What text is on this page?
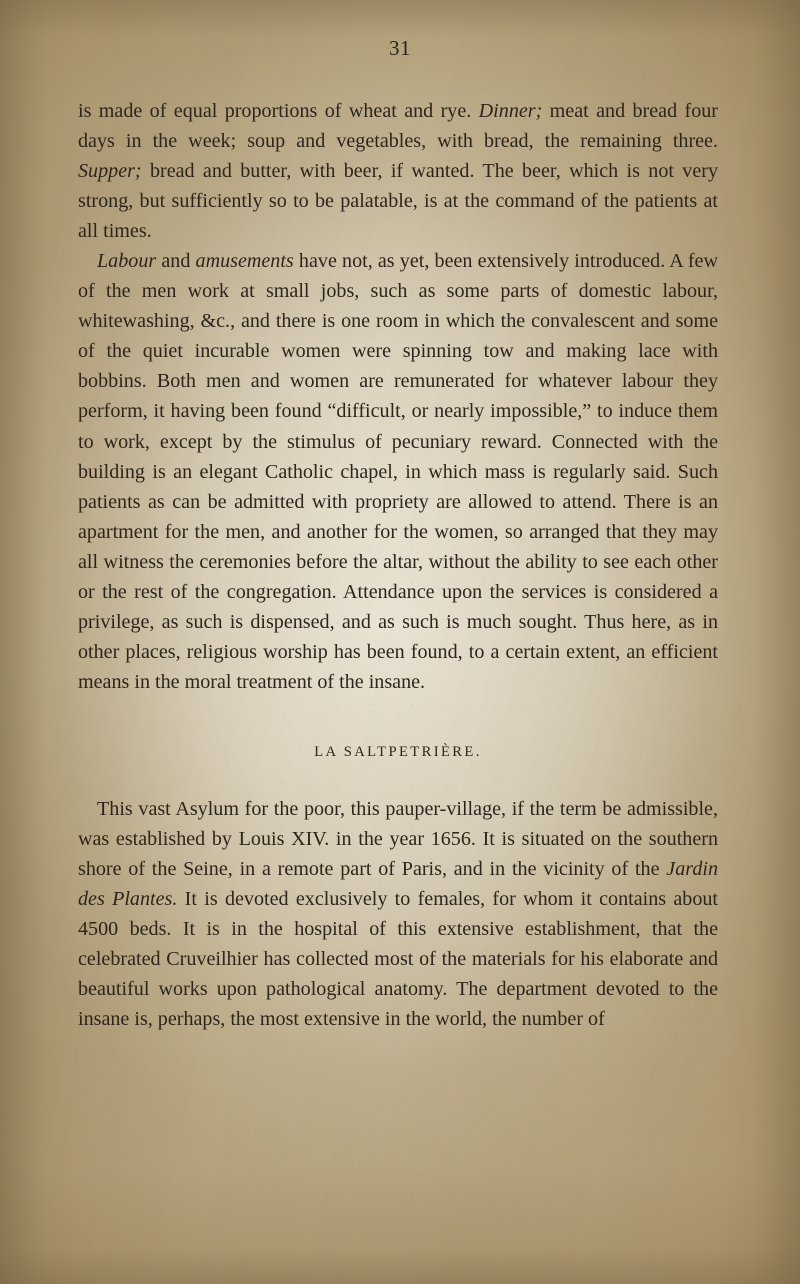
31

is made of equal proportions of wheat and rye. Dinner; meat and bread four days in the week; soup and vegetables, with bread, the remaining three. Supper; bread and butter, with beer, if wanted. The beer, which is not very strong, but sufficiently so to be palatable, is at the command of the patients at all times.

Labour and amusements have not, as yet, been extensively introduced. A few of the men work at small jobs, such as some parts of domestic labour, whitewashing, &c., and there is one room in which the convalescent and some of the quiet incurable women were spinning tow and making lace with bobbins. Both men and women are remunerated for whatever labour they perform, it having been found “difficult, or nearly impossible,” to induce them to work, except by the stimulus of pecuniary reward. Connected with the building is an elegant Catholic chapel, in which mass is regularly said. Such patients as can be admitted with propriety are allowed to attend. There is an apartment for the men, and another for the women, so arranged that they may all witness the ceremonies before the altar, without the ability to see each other or the rest of the congregation. Attendance upon the services is considered a privilege, as such is dispensed, and as such is much sought. Thus here, as in other places, religious worship has been found, to a certain extent, an efficient means in the moral treatment of the insane.

LA SALTPETRIÈRE.

This vast Asylum for the poor, this pauper-village, if the term be admissible, was established by Louis XIV. in the year 1656. It is situated on the southern shore of the Seine, in a remote part of Paris, and in the vicinity of the Jardin des Plantes. It is devoted exclusively to females, for whom it contains about 4500 beds. It is in the hospital of this extensive establishment, that the celebrated Cruveilhier has collected most of the materials for his elaborate and beautiful works upon pathological anatomy. The department devoted to the insane is, perhaps, the most extensive in the world, the number of
